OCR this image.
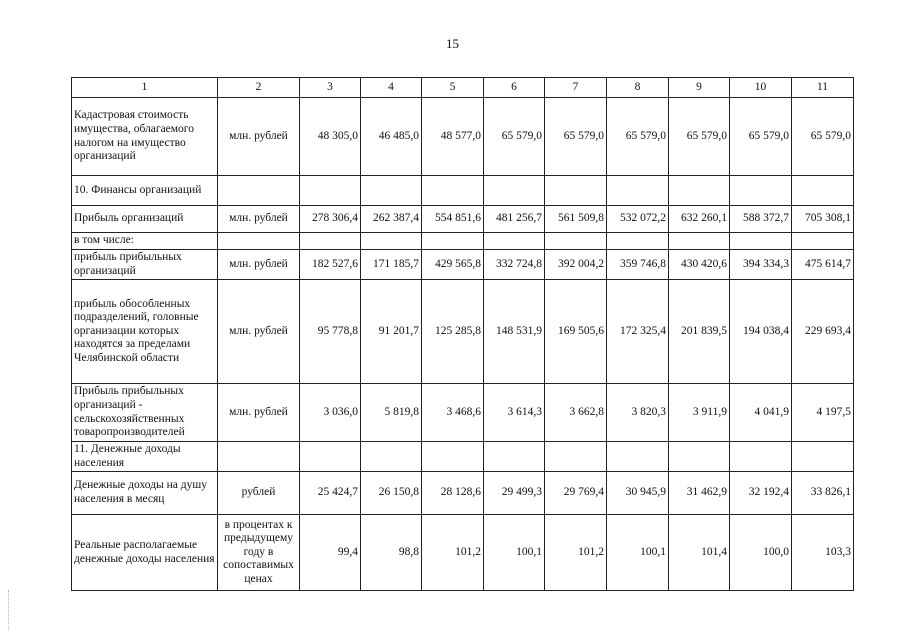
15
1	2	3	4	5	6	7	8	9	10	11
Кадастровая стоимость имущества, облагаемого налогом на имущество организаций	млн. рублей	48 305,0	46 485,0	48 577,0	65 579,0	65 579,0	65 579,0	65 579,0	65 579,0	65 579,0
10. Финансы организаций										
Прибыль организаций	млн. рублей	278 306,4	262 387,4	554 851,6	481 256,7	561 509,8	532 072,2	632 260,1	588 372,7	705 308,1
в том числе:										
прибыль прибыльных организаций	млн. рублей	182 527,6	171 185,7	429 565,8	332 724,8	392 004,2	359 746,8	430 420,6	394 334,3	475 614,7
прибыль обособленных подразделений, головные организации которых находятся за пределами Челябинской области	млн. рублей	95 778,8	91 201,7	125 285,8	148 531,9	169 505,6	172 325,4	201 839,5	194 038,4	229 693,4
Прибыль прибыльных организаций - сельскохозяйственных товаропроизводителей	млн. рублей	3 036,0	5 819,8	3 468,6	3 614,3	3 662,8	3 820,3	3 911,9	4 041,9	4 197,5
11. Денежные доходы населения										
Денежные доходы на душу населения в месяц	рублей	25 424,7	26 150,8	28 128,6	29 499,3	29 769,4	30 945,9	31 462,9	32 192,4	33 826,1
Реальные располагаемые денежные доходы населения	в процентах к предыдущему году в сопоставимых ценах	99,4	98,8	101,2	100,1	101,2	100,1	101,4	100,0	103,3
